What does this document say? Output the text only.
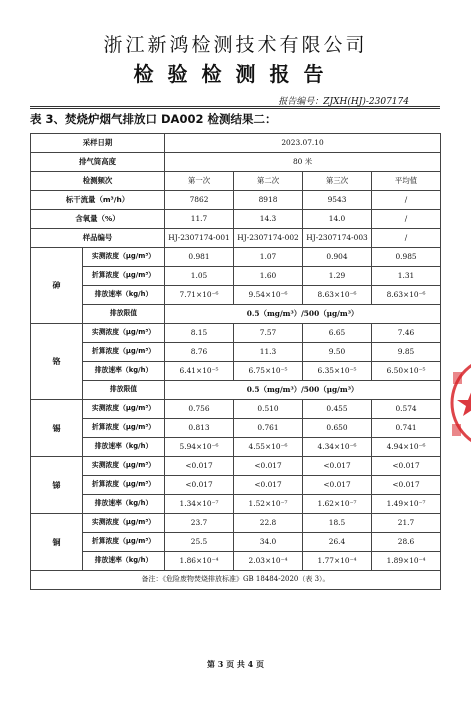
浙江新鸿检测技术有限公司
检验检测报告
报告编号：ZJXH(HJ)-2307174
表 3、焚烧炉烟气排放口 DA002 检测结果二：
采样日期		2023.07.10			
排气筒高度		80 米			
检测频次		第一次	第二次	第三次	平均值
标干流量（m³/h）		7862	8918	9543	/
含氧量（%）		11.7	14.3	14.0	/
样品编号		HJ-2307174-001	HJ-2307174-002	HJ-2307174-003	/
砷	实测浓度（μg/m³）	0.981	1.07	0.904	0.985
	折算浓度（μg/m³）	1.05	1.60	1.29	1.31
	排放速率（kg/h）	7.71×10⁻⁶	9.54×10⁻⁶	8.63×10⁻⁶	8.63×10⁻⁶
	排放限值	0.5（mg/m³）/500（μg/m³）			
铬	实测浓度（μg/m³）	8.15	7.57	6.65	7.46
	折算浓度（μg/m³）	8.76	11.3	9.50	9.85
	排放速率（kg/h）	6.41×10⁻⁵	6.75×10⁻⁵	6.35×10⁻⁵	6.50×10⁻⁵
	排放限值	0.5（mg/m³）/500（μg/m³）			
锡	实测浓度（μg/m³）	0.756	0.510	0.455	0.574
	折算浓度（μg/m³）	0.813	0.761	0.650	0.741
	排放速率（kg/h）	5.94×10⁻⁶	4.55×10⁻⁶	4.34×10⁻⁶	4.94×10⁻⁶
锑	实测浓度（μg/m³）	<0.017	<0.017	<0.017	<0.017
	折算浓度（μg/m³）	<0.017	<0.017	<0.017	<0.017
	排放速率（kg/h）	1.34×10⁻⁷	1.52×10⁻⁷	1.62×10⁻⁷	1.49×10⁻⁷
铜	实测浓度（μg/m³）	23.7	22.8	18.5	21.7
	折算浓度（μg/m³）	25.5	34.0	26.4	28.6
	排放速率（kg/h）	1.86×10⁻⁴	2.03×10⁻⁴	1.77×10⁻⁴	1.89×10⁻⁴
备注：《危险废物焚烧排放标准》GB 18484-2020（表 3）。					
第 3 页 共 4 页
